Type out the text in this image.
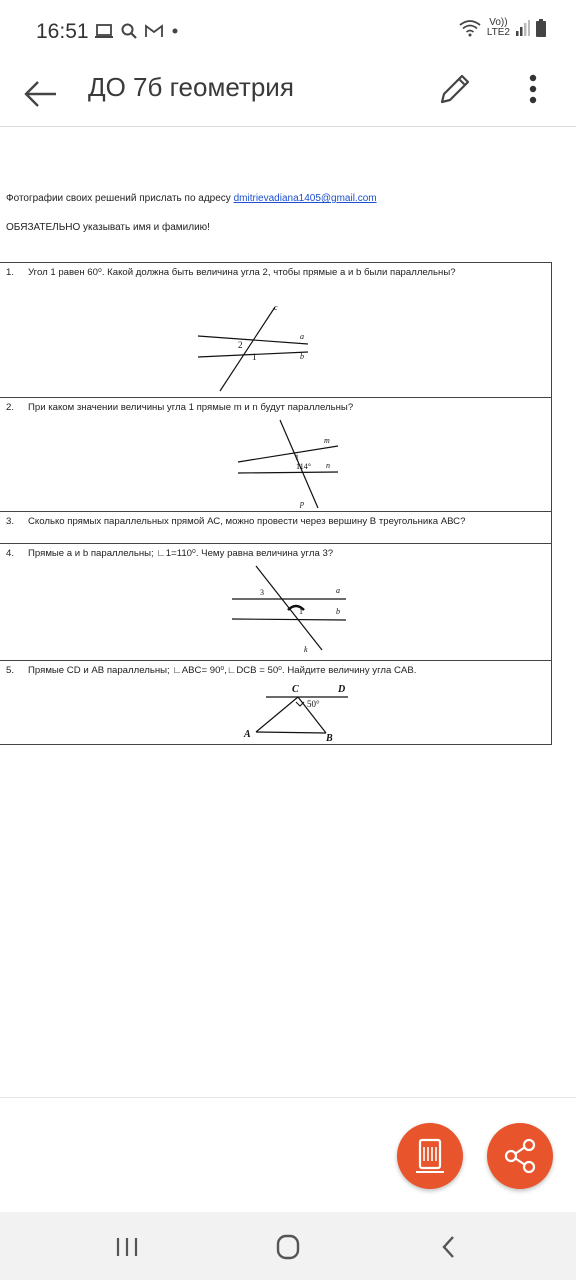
16:51	Vo))
LTE2
ДО 7б геометрия
Фотографии своих решений прислать по адресу dmitrievadiana1405@gmail.com
ОБЯЗАТЕЛЬНО указывать имя и фамилию!
1. Угол 1 равен 60⁰. Какой должна быть величина угла 2, чтобы прямые a и b были параллельны?
c
a
b
2
1
2. При каком значении величины угла 1 прямые m и n будут параллельны?
m
n
p
1
114°
3. Сколько прямых параллельных прямой АС, можно провести через вершину В треугольника АВС?
4. Прямые a и b параллельны; ∟1=110⁰. Чему равна величина угла 3?
a
b
k
3
1
5. Прямые CD и AB параллельны; ∟ABC= 90⁰,∟DCB = 50⁰. Найдите величину угла CAB.
C	D
A	B
50°
